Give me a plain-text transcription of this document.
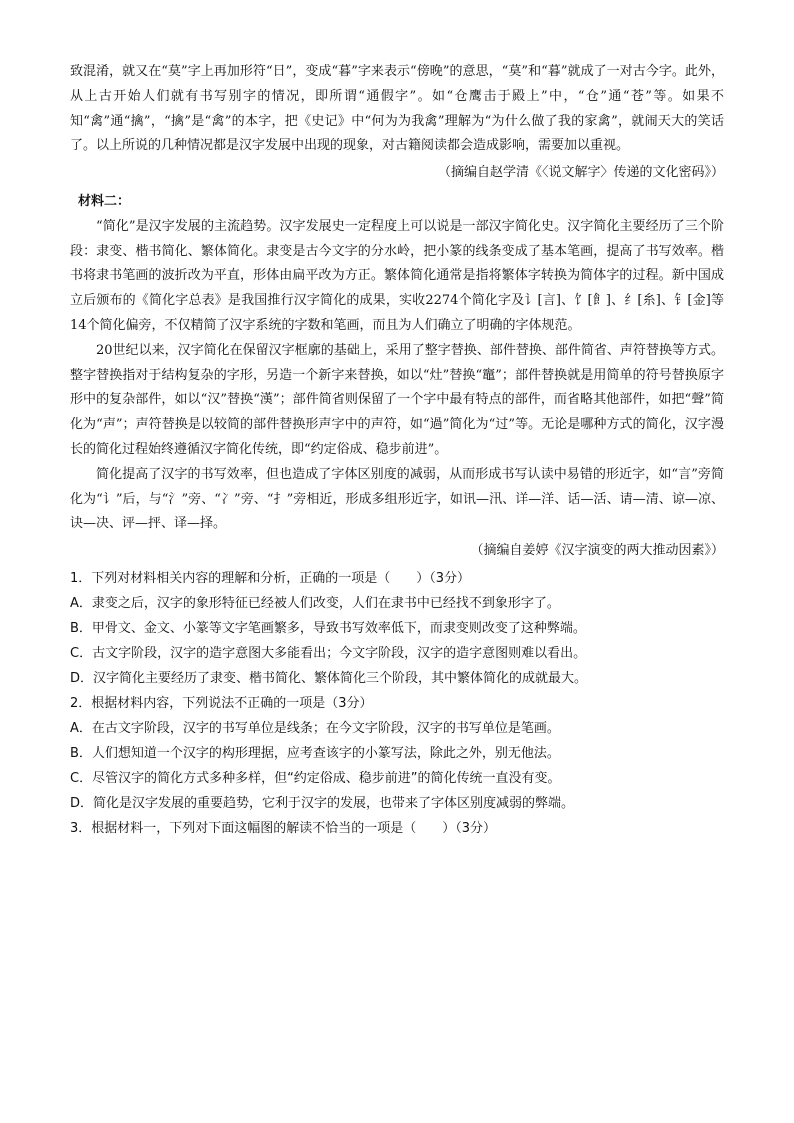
致混淆，就又在“莫”字上再加形符“日”，变成“暮”字来表示“傍晚”的意思，“莫”和“暮”就成了一对古今字。此外，从上古开始人们就有书写别字的情况，即所谓“通假字”。如“仓鹰击于殿上”中，“仓”通“苍”等。如果不知“禽”通“擒”，“擒”是“禽”的本字，把《史记》中“何为为我禽”理解为“为什么做了我的家禽”，就闹天大的笑话了。以上所说的几种情况都是汉字发展中出现的现象，对古籍阅读都会造成影响，需要加以重视。

（摘编自赵学清《〈说文解字〉传递的文化密码》）

材料二：

“简化”是汉字发展的主流趋势。汉字发展史一定程度上可以说是一部汉字简化史。汉字简化主要经历了三个阶段：隶变、楷书简化、繁体简化。隶变是古今文字的分水岭，把小篆的线条变成了基本笔画，提高了书写效率。楷书将隶书笔画的波折改为平直，形体由扁平改为方正。繁体简化通常是指将繁体字转换为简体字的过程。新中国成立后颁布的《简化字总表》是我国推行汉字简化的成果，实收2274个简化字及讠[言]、饣[飠]、纟[糸]、钅[金]等14个简化偏旁，不仅精简了汉字系统的字数和笔画，而且为人们确立了明确的字体规范。

20世纪以来，汉字简化在保留汉字框廓的基础上，采用了整字替换、部件替换、部件简省、声符替换等方式。整字替换指对于结构复杂的字形，另造一个新字来替换，如以“灶”替换“竈”；部件替换就是用简单的符号替换原字形中的复杂部件，如以“汉”替换“漢”；部件简省则保留了一个字中最有特点的部件，而省略其他部件，如把“聲”简化为“声”；声符替换是以较简的部件替换形声字中的声符，如“過”简化为“过”等。无论是哪种方式的简化，汉字漫长的简化过程始终遵循汉字简化传统，即“约定俗成、稳步前进”。

简化提高了汉字的书写效率，但也造成了字体区别度的减弱，从而形成书写认读中易错的形近字，如“言”旁简化为“讠”后，与“氵”旁、“冫”旁、“扌”旁相近，形成多组形近字，如讯—汛、详—洋、话—活、请—清、谅—凉、诀—决、评—抨、译—择。

（摘编自姜婷《汉字演变的两大推动因素》）

1．下列对材料相关内容的理解和分析，正确的一项是（　　）（3分）

A．隶变之后，汉字的象形特征已经被人们改变，人们在隶书中已经找不到象形字了。

B．甲骨文、金文、小篆等文字笔画繁多，导致书写效率低下，而隶变则改变了这种弊端。

C．古文字阶段，汉字的造字意图大多能看出；今文字阶段，汉字的造字意图则难以看出。

D．汉字简化主要经历了隶变、楷书简化、繁体简化三个阶段，其中繁体简化的成就最大。

2．根据材料内容，下列说法不正确的一项是（3分）

A．在古文字阶段，汉字的书写单位是线条；在今文字阶段，汉字的书写单位是笔画。

B．人们想知道一个汉字的构形理据，应考查该字的小篆写法，除此之外，别无他法。

C．尽管汉字的简化方式多种多样，但“约定俗成、稳步前进”的简化传统一直没有变。

D．简化是汉字发展的重要趋势，它利于汉字的发展，也带来了字体区别度减弱的弊端。

3．根据材料一，下列对下面这幅图的解读不恰当的一项是（　　）（3分）
